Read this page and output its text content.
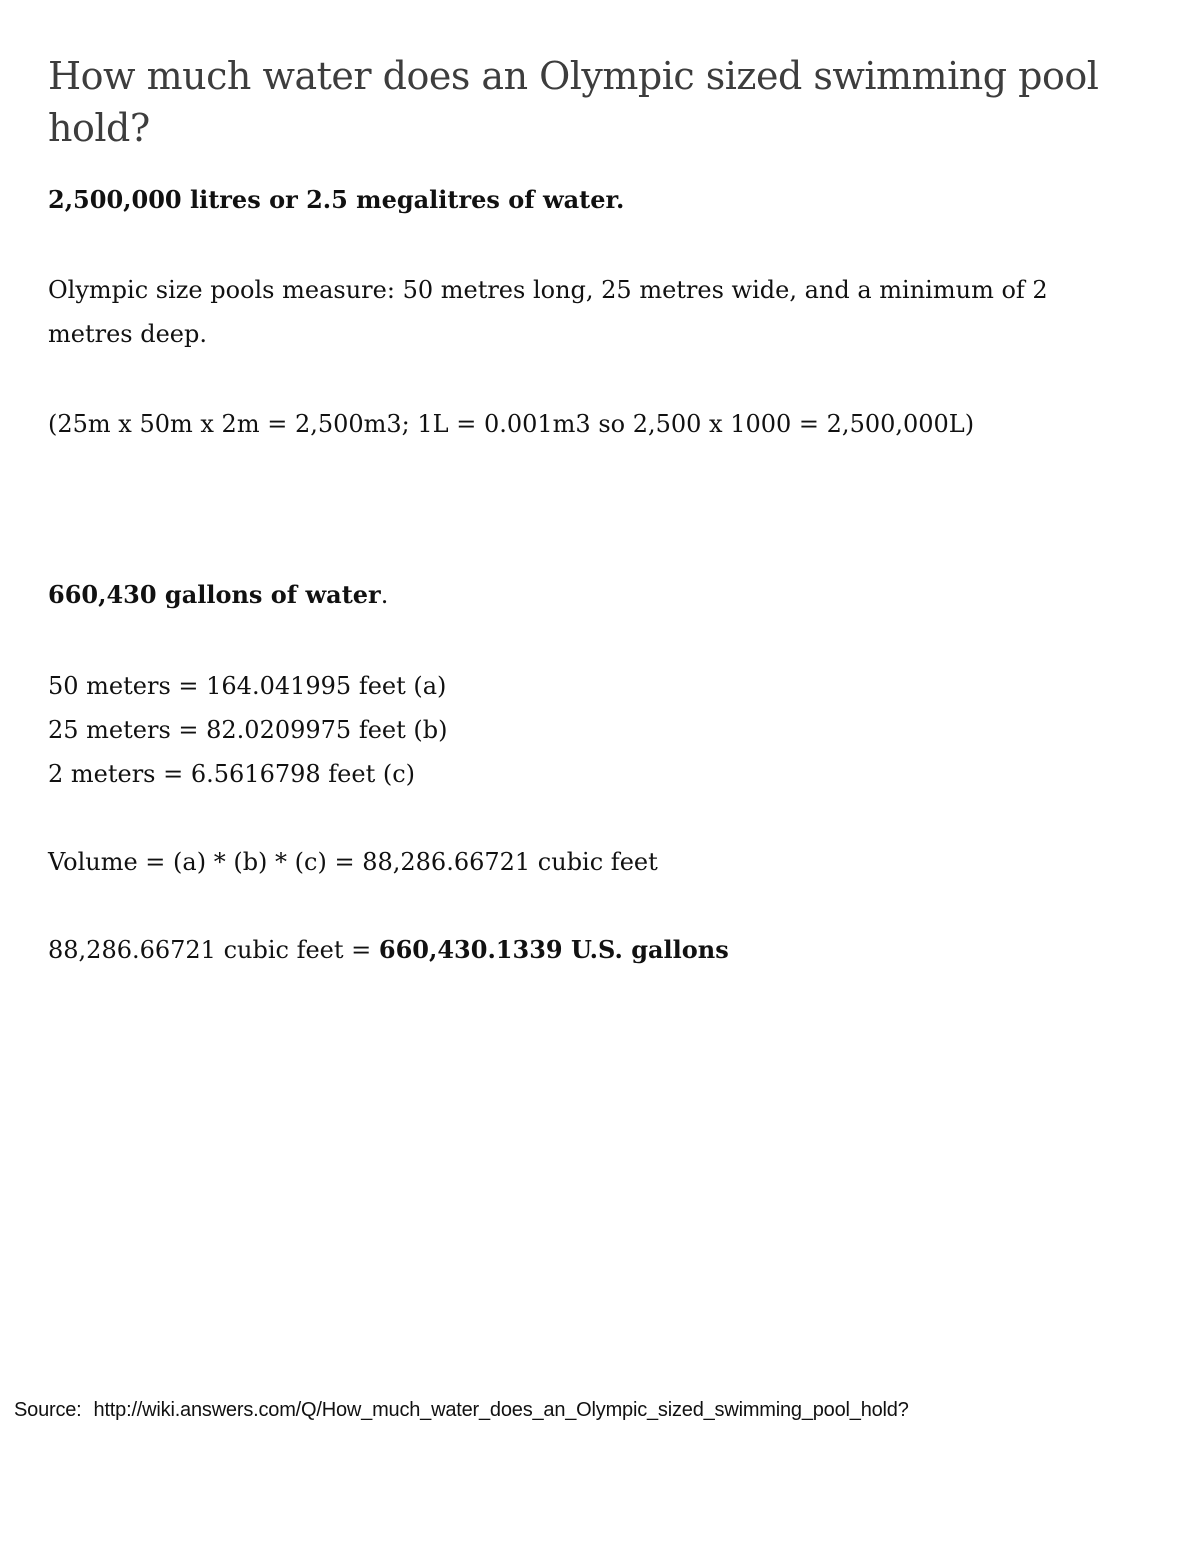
How much water does an Olympic sized swimming pool hold?

2,500,000 litres or 2.5 megalitres of water.

Olympic size pools measure: 50 metres long, 25 metres wide, and a minimum of 2 metres deep.

(25m x 50m x 2m = 2,500m3; 1L = 0.001m3 so 2,500 x 1000 = 2,500,000L)

660,430 gallons of water.

50 meters = 164.041995 feet (a)
25 meters = 82.0209975 feet (b)
2 meters = 6.5616798 feet (c)

Volume = (a) * (b) * (c) = 88,286.66721 cubic feet

88,286.66721 cubic feet = 660,430.1339 U.S. gallons

Source: http://wiki.answers.com/Q/How_much_water_does_an_Olympic_sized_swimming_pool_hold?
